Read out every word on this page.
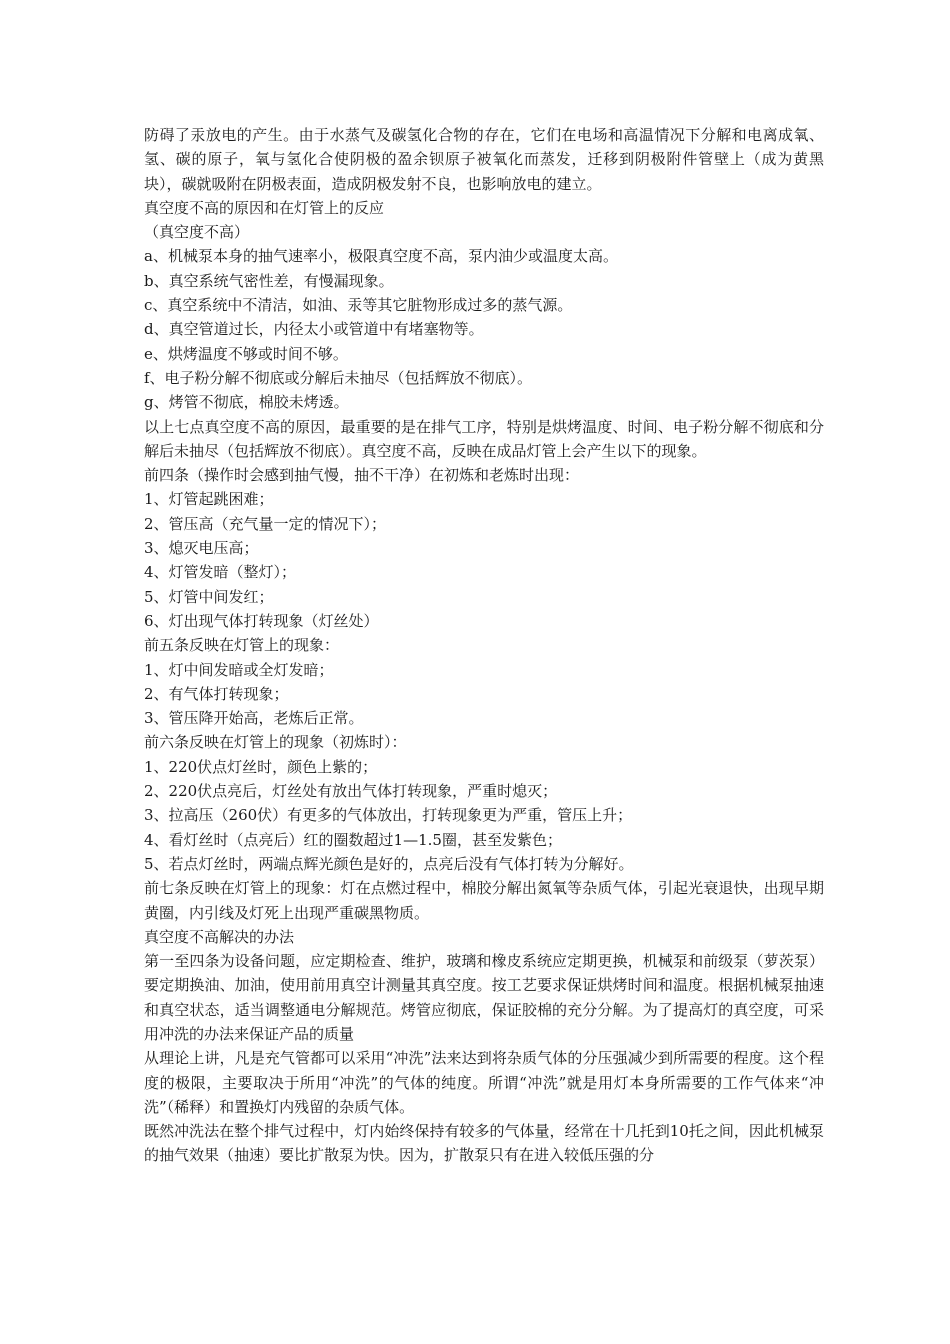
防碍了汞放电的产生。由于水蒸气及碳氢化合物的存在，它们在电场和高温情况下分解和电离成氧、氢、碳的原子，氧与氢化合使阴极的盈余钡原子被氧化而蒸发，迁移到阴极附件管壁上（成为黄黑块），碳就吸附在阴极表面，造成阴极发射不良，也影响放电的建立。

真空度不高的原因和在灯管上的反应

（真空度不高）

a、机械泵本身的抽气速率小，极限真空度不高，泵内油少或温度太高。

b、真空系统气密性差，有慢漏现象。

c、真空系统中不清洁，如油、汞等其它脏物形成过多的蒸气源。

d、真空管道过长，内径太小或管道中有堵塞物等。

e、烘烤温度不够或时间不够。

f、电子粉分解不彻底或分解后未抽尽（包括辉放不彻底）。

g、烤管不彻底，棉胶未烤透。

以上七点真空度不高的原因，最重要的是在排气工序，特别是烘烤温度、时间、电子粉分解不彻底和分解后未抽尽（包括辉放不彻底）。真空度不高，反映在成品灯管上会产生以下的现象。

前四条（操作时会感到抽气慢，抽不干净）在初炼和老炼时出现：

1、灯管起跳困难；

2、管压高（充气量一定的情况下）；

3、熄灭电压高；

4、灯管发暗（整灯）；

5、灯管中间发红；

6、灯出现气体打转现象（灯丝处）

前五条反映在灯管上的现象：

1、灯中间发暗或全灯发暗；

2、有气体打转现象；

3、管压降开始高，老炼后正常。

前六条反映在灯管上的现象（初炼时）：

1、220伏点灯丝时，颜色上紫的；

2、220伏点亮后，灯丝处有放出气体打转现象，严重时熄灭；

3、拉高压（260伏）有更多的气体放出，打转现象更为严重，管压上升；

4、看灯丝时（点亮后）红的圈数超过1—1.5圈，甚至发紫色；

5、若点灯丝时，两端点辉光颜色是好的，点亮后没有气体打转为分解好。

前七条反映在灯管上的现象：灯在点燃过程中，棉胶分解出氮氧等杂质气体，引起光衰退快，出现早期黄圈，内引线及灯死上出现严重碳黑物质。

真空度不高解决的办法

第一至四条为设备问题，应定期检查、维护，玻璃和橡皮系统应定期更换，机械泵和前级泵（萝茨泵）要定期换油、加油，使用前用真空计测量其真空度。按工艺要求保证烘烤时间和温度。根据机械泵抽速和真空状态，适当调整通电分解规范。烤管应彻底，保证胶棉的充分分解。为了提高灯的真空度，可采用冲洗的办法来保证产品的质量

从理论上讲，凡是充气管都可以采用“冲洗”法来达到将杂质气体的分压强减少到所需要的程度。这个程度的极限，主要取决于所用“冲洗”的气体的纯度。所谓“冲洗”就是用灯本身所需要的工作气体来“冲洗”（稀释）和置换灯内残留的杂质气体。

既然冲洗法在整个排气过程中，灯内始终保持有较多的气体量，经常在十几托到10托之间，因此机械泵的抽气效果（抽速）要比扩散泵为快。因为，扩散泵只有在进入较低压强的分
